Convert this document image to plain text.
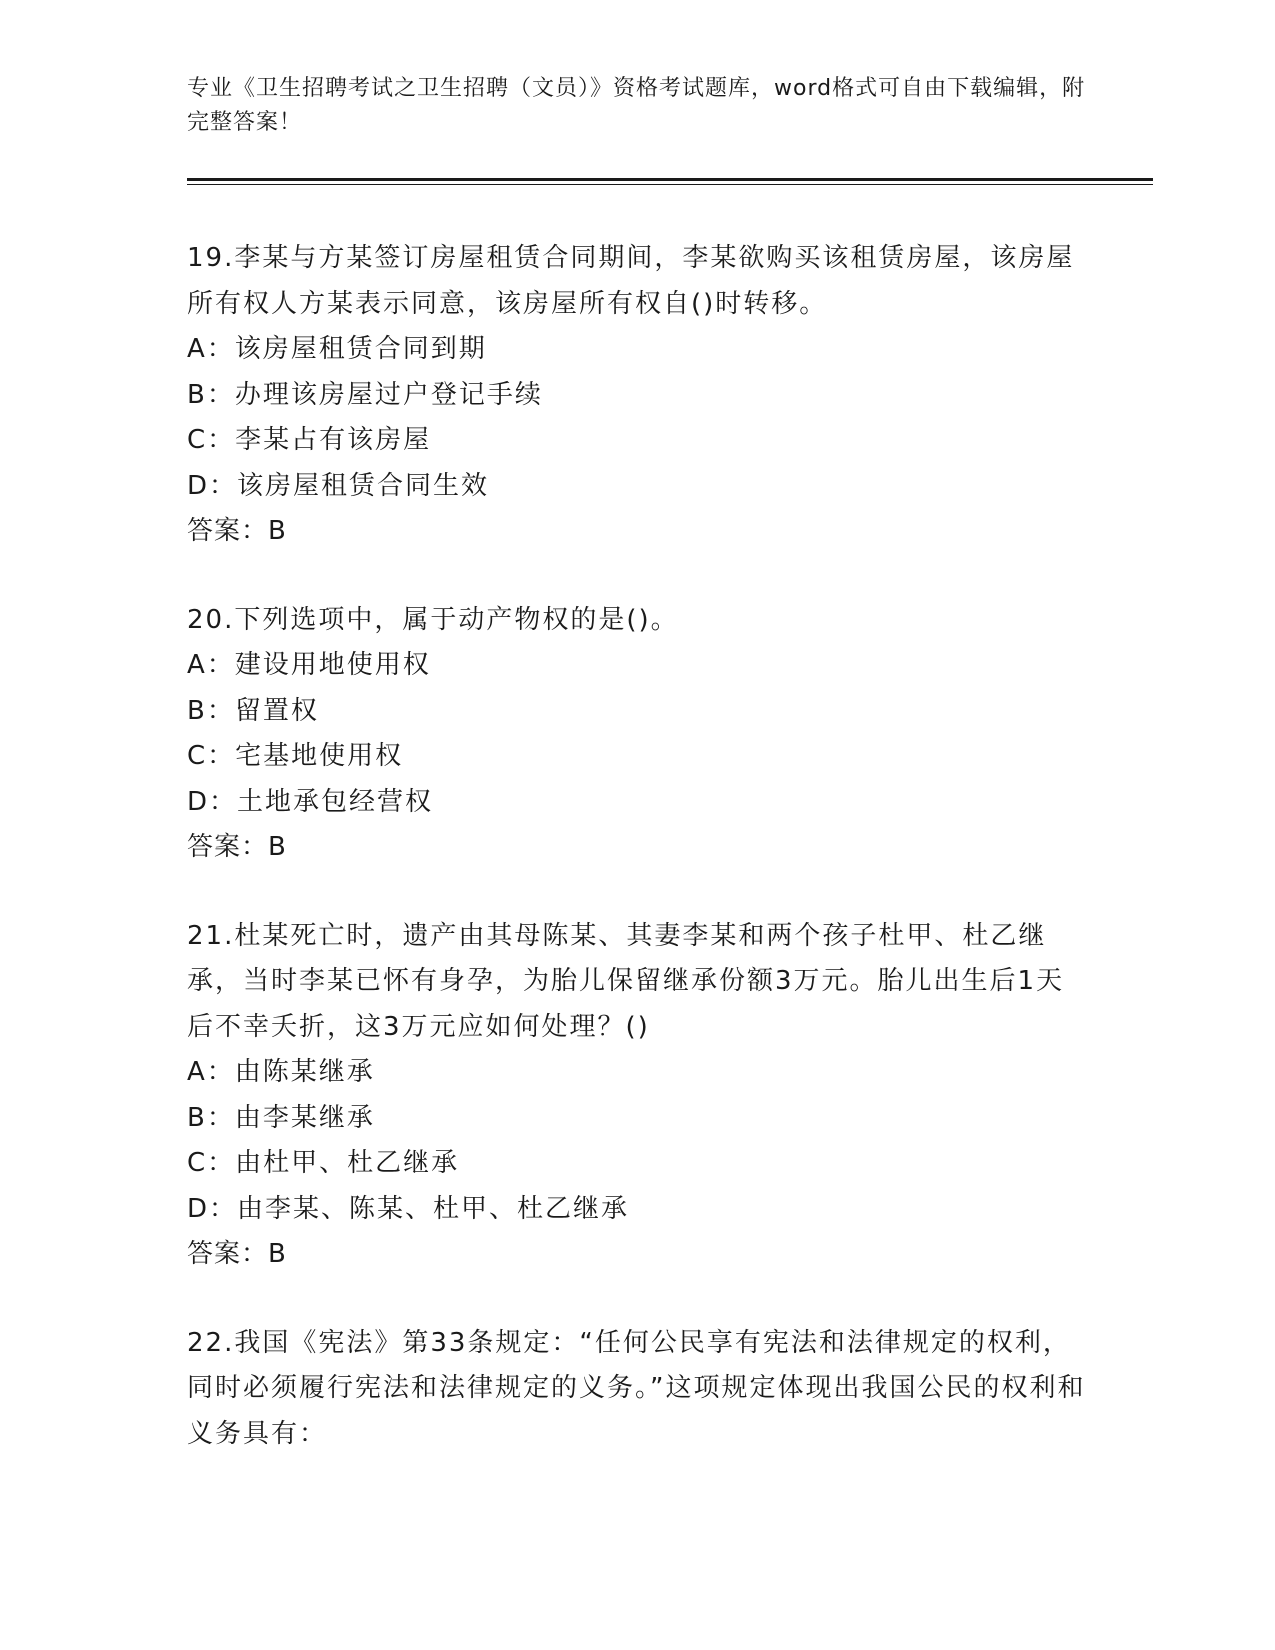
专业《卫生招聘考试之卫生招聘（文员）》资格考试题库，word格式可自由下载编辑，附完整答案！

19.李某与方某签订房屋租赁合同期间，李某欲购买该租赁房屋，该房屋所有权人方某表示同意，该房屋所有权自()时转移。

A：该房屋租赁合同到期

B：办理该房屋过户登记手续

C：李某占有该房屋

D：该房屋租赁合同生效

答案：B

20.下列选项中，属于动产物权的是()。

A：建设用地使用权

B：留置权

C：宅基地使用权

D：土地承包经营权

答案：B

21.杜某死亡时，遗产由其母陈某、其妻李某和两个孩子杜甲、杜乙继承，当时李某已怀有身孕，为胎儿保留继承份额3万元。胎儿出生后1天后不幸夭折，这3万元应如何处理？()

A：由陈某继承

B：由李某继承

C：由杜甲、杜乙继承

D：由李某、陈某、杜甲、杜乙继承

答案：B

22.我国《宪法》第33条规定：“任何公民享有宪法和法律规定的权利，同时必须履行宪法和法律规定的义务。”这项规定体现出我国公民的权利和义务具有：
